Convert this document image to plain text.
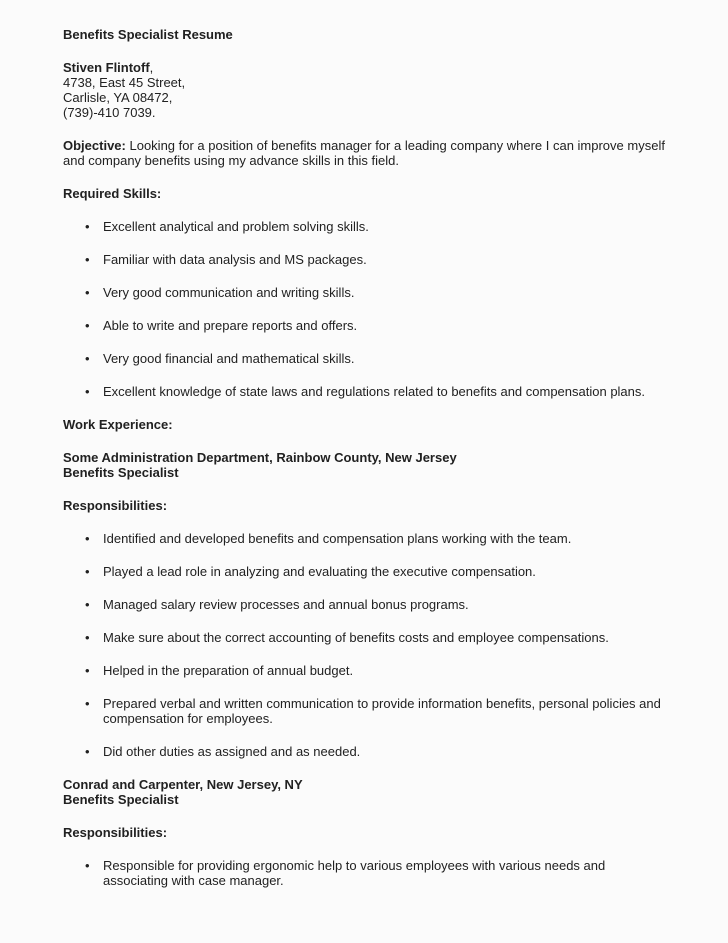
Benefits Specialist Resume

Stiven Flintoff,
4738, East 45 Street,
Carlisle, YA 08472,
(739)-410 7039.

Objective: Looking for a position of benefits manager for a leading company where I can improve myself and company benefits using my advance skills in this field.

Required Skills:

• Excellent analytical and problem solving skills.
• Familiar with data analysis and MS packages.
• Very good communication and writing skills.
• Able to write and prepare reports and offers.
• Very good financial and mathematical skills.
• Excellent knowledge of state laws and regulations related to benefits and compensation plans.

Work Experience:

Some Administration Department, Rainbow County, New Jersey
Benefits Specialist

Responsibilities:

• Identified and developed benefits and compensation plans working with the team.
• Played a lead role in analyzing and evaluating the executive compensation.
• Managed salary review processes and annual bonus programs.
• Make sure about the correct accounting of benefits costs and employee compensations.
• Helped in the preparation of annual budget.
• Prepared verbal and written communication to provide information benefits, personal policies and compensation for employees.
• Did other duties as assigned and as needed.
Conrad and Carpenter, New Jersey, NY
Benefits Specialist

Responsibilities:

• Responsible for providing ergonomic help to various employees with various needs and associating with case manager.
